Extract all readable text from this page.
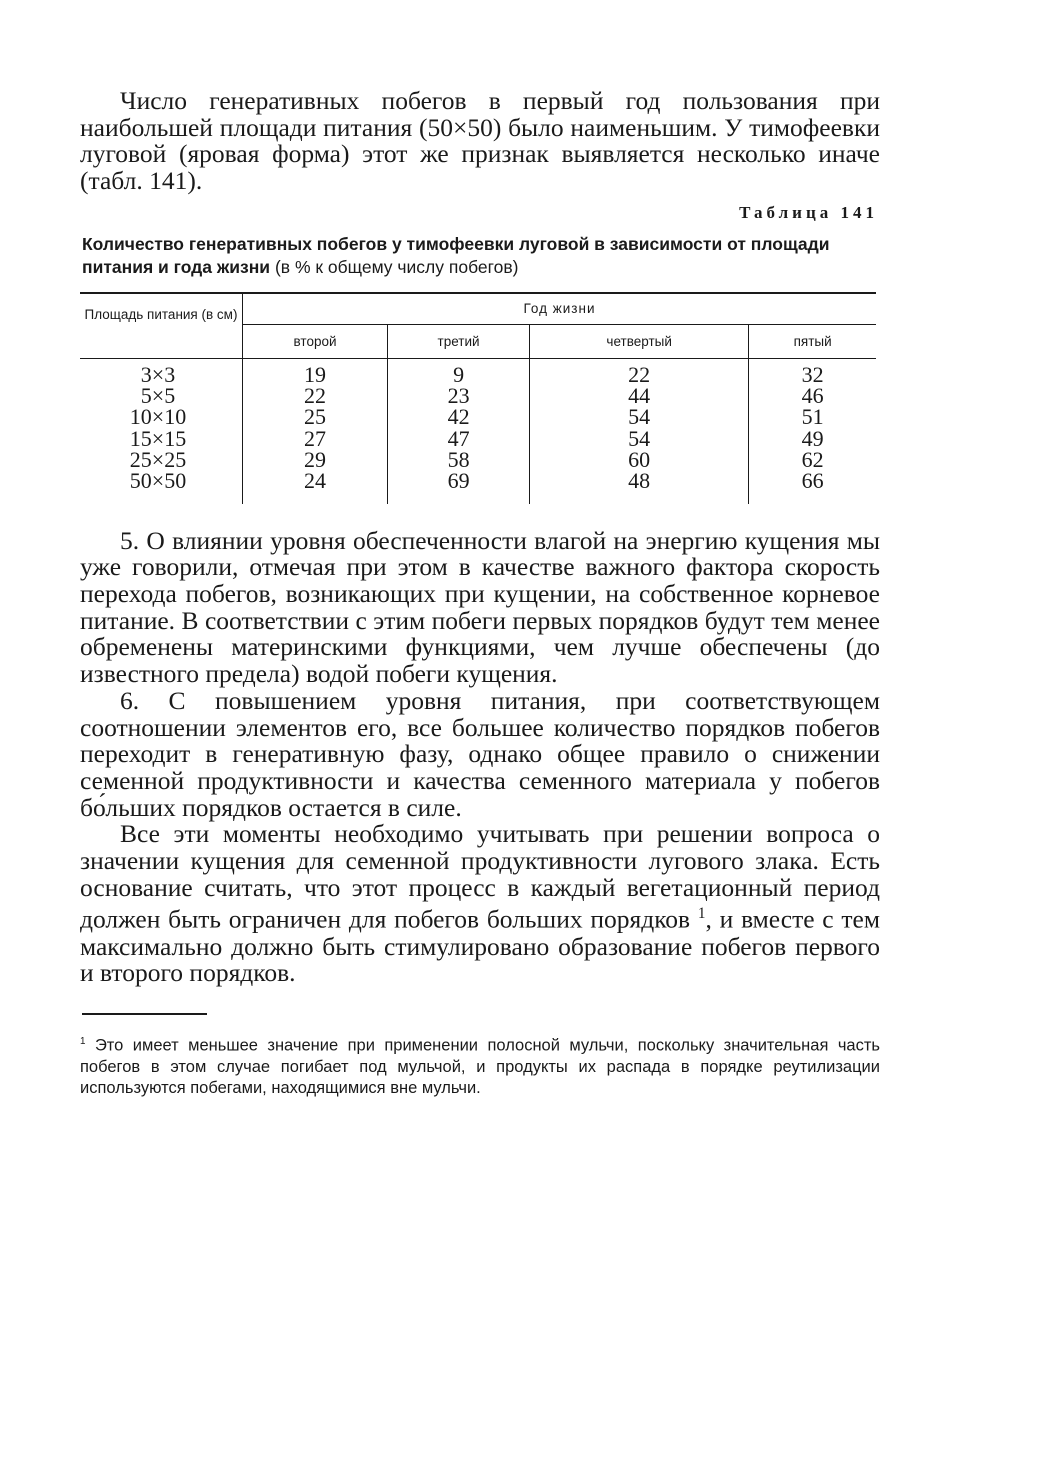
Число генеративных побегов в первый год пользования при наибольшей площади питания (50×50) было наименьшим. У тимофеевки луговой (яровая форма) этот же признак выявляется несколько иначе (табл. 141).

Таблица 141
Количество генеративных побегов у тимофеевки луговой в зависимости от площади питания и года жизни (в % к общему числу побегов)
Площадь питания (в см)	Год жизни			
	второй	третий	четвертый	пятый

3×3	19	9	22	32
5×5	22	23	44	46
10×10	25	42	54	51
15×15	27	47	54	49
25×25	29	58	60	62
50×50	24	69	48	66

5. О влиянии уровня обеспеченности влагой на энергию кущения мы уже говорили, отмечая при этом в качестве важного фактора скорость перехода побегов, возникающих при кущении, на собственное корневое питание. В соответствии с этим побеги первых порядков будут тем менее обременены материнскими функциями, чем лучше обеспечены (до известного предела) водой побеги кущения.

6. С повышением уровня питания, при соответствующем соотношении элементов его, все большее количество порядков побегов переходит в генеративную фазу, однако общее правило о снижении семенной продуктивности и качества семенного материала у побегов бо́льших порядков остается в силе.

Все эти моменты необходимо учитывать при решении вопроса о значении кущения для семенной продуктивности лугового злака. Есть основание считать, что этот процесс в каждый вегетационный период должен быть ограничен для побегов больших порядков $^1$, и вместе с тем максимально должно быть стимулировано образование побегов первого и второго порядков.

$^1$ Это имеет меньшее значение при применении полосной мульчи, поскольку значительная часть побегов в этом случае погибает под мульчой, и продукты их распада в порядке реутилизации используются побегами, находящимися вне мульчи.
